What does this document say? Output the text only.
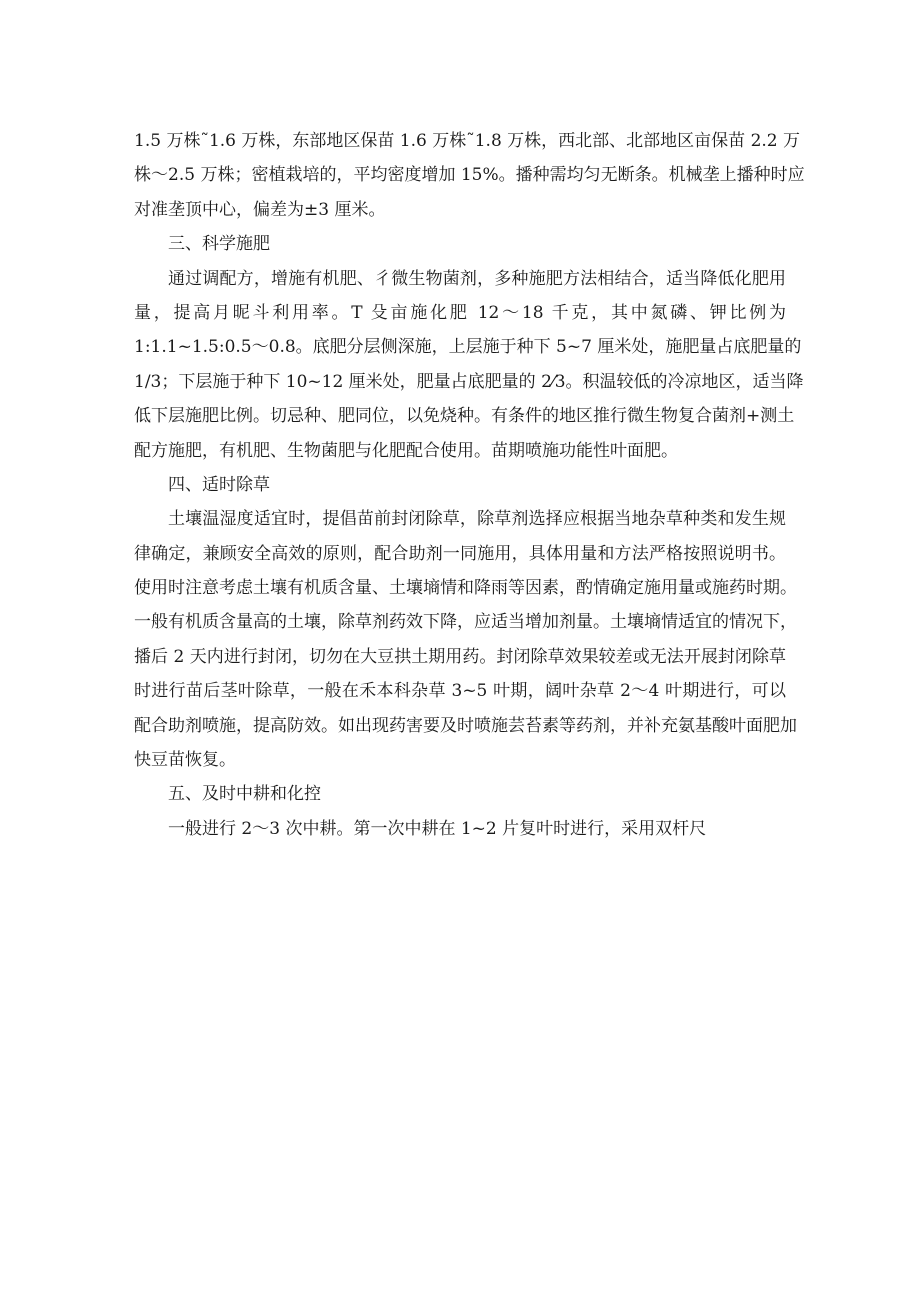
1.5 万株˜1.6 万株，东部地区保苗 1.6 万株˜1.8 万株，西北部、北部地区亩保苗 2.2 万
株～2.5 万株；密植栽培的，平均密度增加 15%。播种需均匀无断条。机械垄上播种时应
对准垄顶中心，偏差为±3 厘米。
三、科学施肥
通过调配方，增施有机肥、彳微生物菌剂，多种施肥方法相结合，适当降低化肥用
量，提高月昵斗利用率。T 殳亩施化肥 12～18 千克，其中氮磷、钾比例为
1:1.1~1.5:0.5～0.8。底肥分层侧深施，上层施于种下 5~7 厘米处，施肥量占底肥量的
1/3；下层施于种下 10~12 厘米处，肥量占底肥量的 2⁄3。积温较低的冷凉地区，适当降
低下层施肥比例。切忌种、肥同位，以免烧种。有条件的地区推行微生物复合菌剂+测土
配方施肥，有机肥、生物菌肥与化肥配合使用。苗期喷施功能性叶面肥。
四、适时除草
土壤温湿度适宜时，提倡苗前封闭除草，除草剂选择应根据当地杂草种类和发生规
律确定，兼顾安全高效的原则，配合助剂一同施用，具体用量和方法严格按照说明书。
使用时注意考虑土壤有机质含量、土壤墒情和降雨等因素，酌情确定施用量或施药时期。
一般有机质含量高的土壤，除草剂药效下降，应适当增加剂量。土壤墒情适宜的情况下，
播后 2 天内进行封闭，切勿在大豆拱土期用药。封闭除草效果较差或无法开展封闭除草
时进行苗后茎叶除草，一般在禾本科杂草 3~5 叶期，阔叶杂草 2～4 叶期进行，可以
配合助剂喷施，提高防效。如出现药害要及时喷施芸苔素等药剂，并补充氨基酸叶面肥加
快豆苗恢复。
五、及时中耕和化控
一般进行 2～3 次中耕。第一次中耕在 1~2 片复叶时进行，采用双杆尺
